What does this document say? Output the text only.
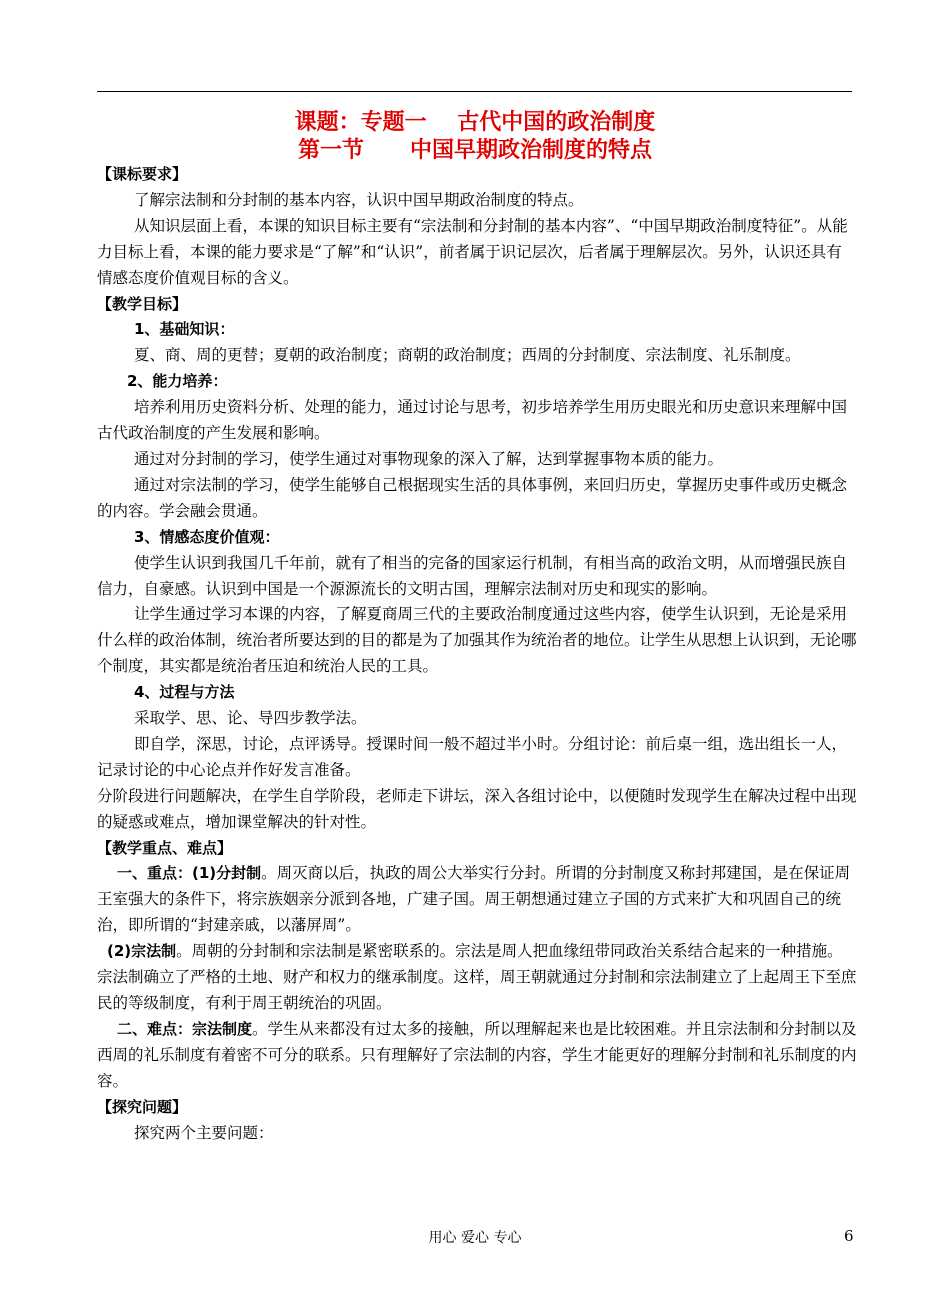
课题：专题一    古代中国的政治制度
第一节      中国早期政治制度的特点

【课标要求】

了解宗法制和分封制的基本内容，认识中国早期政治制度的特点。

从知识层面上看，本课的知识目标主要有“宗法制和分封制的基本内容”、“中国早期政治制度特征”。从能力目标上看，本课的能力要求是“了解”和“认识”，前者属于识记层次，后者属于理解层次。另外，认识还具有情感态度价值观目标的含义。

【教学目标】

1、基础知识：

夏、商、周的更替；夏朝的政治制度；商朝的政治制度；西周的分封制度、宗法制度、礼乐制度。

2、能力培养：

培养利用历史资料分析、处理的能力，通过讨论与思考，初步培养学生用历史眼光和历史意识来理解中国古代政治制度的产生发展和影响。

通过对分封制的学习，使学生通过对事物现象的深入了解，达到掌握事物本质的能力。

通过对宗法制的学习，使学生能够自己根据现实生活的具体事例，来回归历史，掌握历史事件或历史概念的内容。学会融会贯通。

3、情感态度价值观：

使学生认识到我国几千年前，就有了相当的完备的国家运行机制，有相当高的政治文明，从而增强民族自信力，自豪感。认识到中国是一个源源流长的文明古国，理解宗法制对历史和现实的影响。

让学生通过学习本课的内容，了解夏商周三代的主要政治制度通过这些内容，使学生认识到，无论是采用什么样的政治体制，统治者所要达到的目的都是为了加强其作为统治者的地位。让学生从思想上认识到，无论哪个制度，其实都是统治者压迫和统治人民的工具。

4、过程与方法

采取学、思、论、导四步教学法。

即自学，深思，讨论，点评诱导。授课时间一般不超过半小时。分组讨论：前后桌一组，选出组长一人，记录讨论的中心论点并作好发言准备。

分阶段进行问题解决，在学生自学阶段，老师走下讲坛，深入各组讨论中，以便随时发现学生在解决过程中出现的疑惑或难点，增加课堂解决的针对性。

【教学重点、难点】

一、重点：(1)分封制。周灭商以后，执政的周公大举实行分封。所谓的分封制度又称封邦建国，是在保证周王室强大的条件下，将宗族姻亲分派到各地，广建子国。周王朝想通过建立子国的方式来扩大和巩固自己的统治，即所谓的“封建亲戚，以藩屏周”。

(2)宗法制。周朝的分封制和宗法制是紧密联系的。宗法是周人把血缘纽带同政治关系结合起来的一种措施。宗法制确立了严格的土地、财产和权力的继承制度。这样，周王朝就通过分封制和宗法制建立了上起周王下至庶民的等级制度，有利于周王朝统治的巩固。

二、难点：宗法制度。学生从来都没有过太多的接触，所以理解起来也是比较困难。并且宗法制和分封制以及西周的礼乐制度有着密不可分的联系。只有理解好了宗法制的内容，学生才能更好的理解分封制和礼乐制度的内容。

【探究问题】

探究两个主要问题：

用心 爱心 专心	6
